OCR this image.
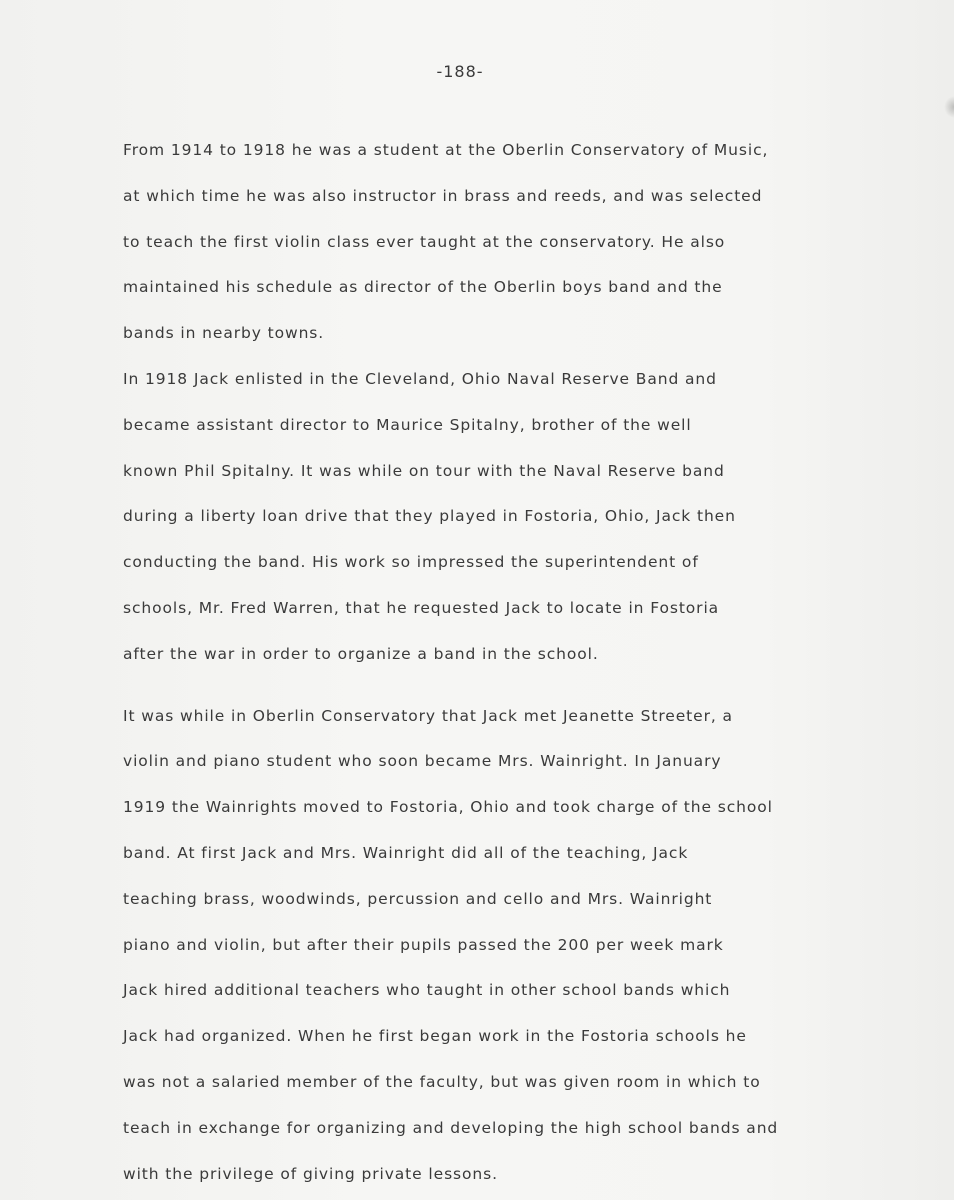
-188-
From 1914 to 1918 he was a student at the Oberlin Conservatory of Music,
at which time he was also instructor in brass and reeds, and was selected
to teach the first violin class ever taught at the conservatory. He also
maintained his schedule as director of the Oberlin boys band and the
bands in nearby towns.
In 1918 Jack enlisted in the Cleveland, Ohio Naval Reserve Band and
became assistant director to Maurice Spitalny, brother of the well
known Phil Spitalny. It was while on tour with the Naval Reserve band
during a liberty loan drive that they played in Fostoria, Ohio, Jack then
conducting the band. His work so impressed the superintendent of
schools, Mr. Fred Warren, that he requested Jack to locate in Fostoria
after the war in order to organize a band in the school.
It was while in Oberlin Conservatory that Jack met Jeanette Streeter, a
violin and piano student who soon became Mrs. Wainright. In January
1919 the Wainrights moved to Fostoria, Ohio and took charge of the school
band. At first Jack and Mrs. Wainright did all of the teaching, Jack
teaching brass, woodwinds, percussion and cello and Mrs. Wainright
piano and violin, but after their pupils passed the 200 per week mark
Jack hired additional teachers who taught in other school bands which
Jack had organized. When he first began work in the Fostoria schools he
was not a salaried member of the faculty, but was given room in which to
teach in exchange for organizing and developing the high school bands and
with the privilege of giving private lessons.
